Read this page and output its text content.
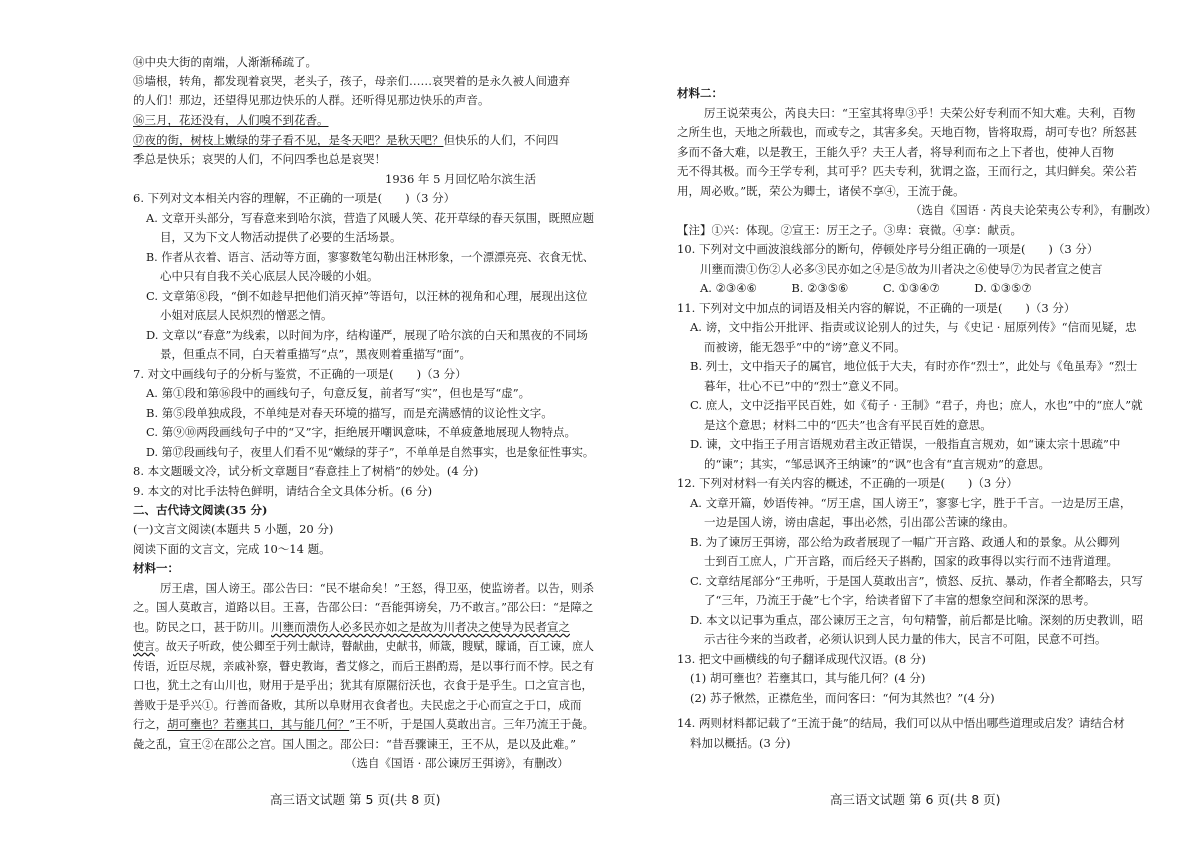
⑭中央大街的南端，人渐渐稀疏了。
⑮墙根，转角，都发现着哀哭，老头子，孩子，母亲们……哀哭着的是永久被人间遗弃
的人们！那边，还望得见那边快乐的人群。还听得见那边快乐的声音。
⑯三月，花还没有，人们嗅不到花香。
⑰夜的街，树枝上嫩绿的芽子看不见，是冬天吧？是秋天吧？但快乐的人们，不问四
季总是快乐；哀哭的人们，不问四季也总是哀哭！
1936 年 5 月回忆哈尔滨生活
6. 下列对文本相关内容的理解，不正确的一项是(　　)（3 分）
A. 文章开头部分，写春意来到哈尔滨，营造了风暖人笑、花开草绿的春天氛围，既照应题
目，又为下文人物活动提供了必要的生活场景。
B. 作者从衣着、语言、活动等方面，寥寥数笔勾勒出汪林形象，一个漂漂亮亮、衣食无忧、
心中只有自我不关心底层人民冷暖的小姐。
C. 文章第⑧段，“倒不如趁早把他们消灭掉”等语句，以汪林的视角和心理，展现出这位
小姐对底层人民炽烈的憎恶之情。
D. 文章以“春意”为线索，以时间为序，结构谨严，展现了哈尔滨的白天和黑夜的不同场
景，但重点不同，白天着重描写“点”，黑夜则着重描写“面”。
7. 对文中画线句子的分析与鉴赏，不正确的一项是(　　)（3 分）
A. 第①段和第⑯段中的画线句子，句意反复，前者写“实”，但也是写“虚”。
B. 第⑤段单独成段，不单纯是对春天环境的描写，而是充满感情的议论性文字。
C. 第⑨⑩两段画线句子中的“又”字，拒绝展开嘲讽意味，不单疲惫地展现人物特点。
D. 第⑰段画线句子，夜里人们看不见“嫩绿的芽子”，不单单是自然事实，也是象征性事实。
8. 本文题暖文冷，试分析文章题目“春意挂上了树梢”的妙处。(4 分)
9. 本文的对比手法特色鲜明，请结合全文具体分析。(6 分)
二、古代诗文阅读(35 分)
(一)文言文阅读(本题共 5 小题，20 分)
阅读下面的文言文，完成 10～14 题。
材料一：
厉王虐，国人谤王。邵公告曰：“民不堪命矣！”王怒，得卫巫，使监谤者。以告，则杀
之。国人莫敢言，道路以目。王喜，告邵公曰：“吾能弭谤矣，乃不敢言。”邵公曰：“是障之
也。防民之口，甚于防川。川壅而溃伤人必多民亦如之是故为川者决之使导为民者宣之
使言。故天子听政，使公卿至于列士献诗，瞽献曲，史献书，师箴，瞍赋，矇诵，百工谏，庶人
传语，近臣尽规，亲戚补察，瞽史教诲，耆艾修之，而后王斟酌焉，是以事行而不悖。民之有
口也，犹土之有山川也，财用于是乎出；犹其有原隰衍沃也，衣食于是乎生。口之宣言也，
善败于是乎兴①。行善而备败，其所以阜财用衣食者也。夫民虑之于心而宣之于口，成而
行之，胡可壅也？若壅其口，其与能几何？”王不听，于是国人莫敢出言。三年乃流王于彘。
彘之乱，宣王②在邵公之宫。国人围之。邵公曰：“昔吾骤谏王，王不从，是以及此难。”
（选自《国语 · 邵公谏厉王弭谤》，有删改）
高三语文试题 第 5 页(共 8 页)
材料二：
厉王说荣夷公，芮良夫曰：“王室其将卑③乎！夫荣公好专利而不知大难。夫利，百物
之所生也，天地之所载也，而或专之，其害多矣。天地百物，皆将取焉，胡可专也？所怒甚
多而不备大难，以是教王，王能久乎？夫王人者，将导利而布之上下者也，使神人百物
无不得其极。而今王学专利，其可乎？匹夫专利，犹谓之盗，王而行之，其归鲜矣。荣公若
用，周必败。”既，荣公为卿士，诸侯不享④，王流于彘。
（选自《国语 · 芮良夫论荣夷公专利》，有删改）
【注】①兴：体现。②宣王：厉王之子。③卑：衰微。④享：献贡。
10. 下列对文中画波浪线部分的断句，停顿处序号分组正确的一项是(　　)（3 分）
川壅而溃①伤②人必多③民亦如之④是⑤故为川者决之⑥使导⑦为民者宣之使言
A. ②③④⑥　　　B. ②③⑤⑥　　　C. ①③④⑦　　　D. ①③⑤⑦
11. 下列对文中加点的词语及相关内容的解说，不正确的一项是(　　)（3 分）
A. 谤，文中指公开批评、指责或议论别人的过失，与《史记 · 屈原列传》“信而见疑，忠
而被谤，能无怨乎”中的“谤”意义不同。
B. 列士，文中指天子的属官，地位低于大夫，有时亦作“烈士”，此处与《龟虽寿》“烈士
暮年，壮心不已”中的“烈士”意义不同。
C. 庶人，文中泛指平民百姓，如《荀子 · 王制》“君子，舟也；庶人，水也”中的“庶人”就
是这个意思；材料二中的“匹夫”也含有平民百姓的意思。
D. 谏，文中指王子用言语规劝君主改正错误，一般指直言规劝，如“谏太宗十思疏”中
的“谏”；其实，“邹忌讽齐王纳谏”的“讽”也含有“直言规劝”的意思。
12. 下列对材料一有关内容的概述，不正确的一项是(　　)（3 分）
A. 文章开篇，妙语传神。“厉王虐，国人谤王”，寥寥七字，胜于千言。一边是厉王虐，
一边是国人谤，谤由虐起，事出必然，引出邵公苦谏的缘由。
B. 为了谏厉王弭谤，邵公给为政者展现了一幅广开言路、政通人和的景象。从公卿列
士到百工庶人，广开言路，而后经天子斟酌，国家的政事得以实行而不违背道理。
C. 文章结尾部分“王弗听，于是国人莫敢出言”，愤怒、反抗、暴动，作者全都略去，只写
了“三年，乃流王于彘”七个字，给读者留下了丰富的想象空间和深深的思考。
D. 本文以记事为重点，邵公谏厉王之言，句句精警，前后都是比喻。深刻的历史教训，昭
示古往今来的当政者，必须认识到人民力量的伟大，民言不可阻，民意不可挡。
13. 把文中画横线的句子翻译成现代汉语。(8 分)
(1) 胡可壅也？若壅其口，其与能几何？(4 分)
(2) 苏子愀然，正襟危坐，而问客曰：“何为其然也？”(4 分)
14. 两则材料都记载了“王流于彘”的结局，我们可以从中悟出哪些道理或启发？请结合材
料加以概括。(3 分)
高三语文试题 第 6 页(共 8 页)
